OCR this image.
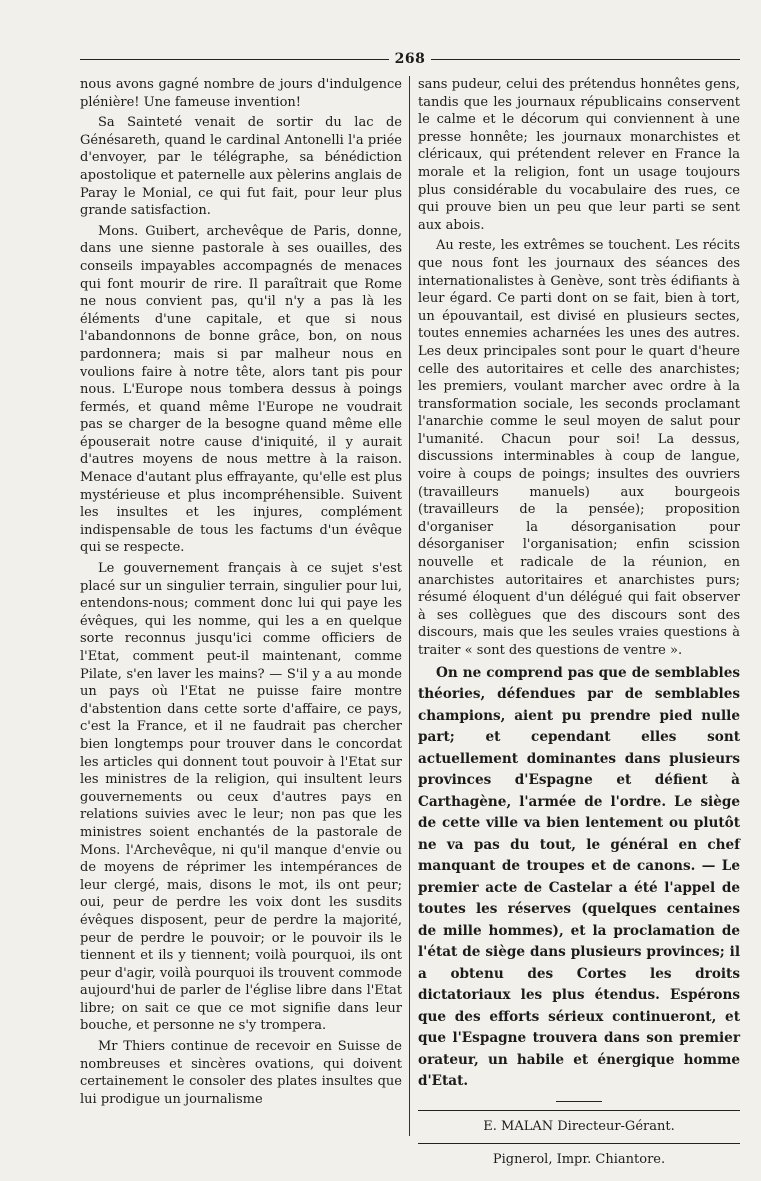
268

nous avons gagné nombre de jours d'indulgence plénière! Une fameuse invention!

Sa Sainteté venait de sortir du lac de Génésareth, quand le cardinal Antonelli l'a priée d'envoyer, par le télégraphe, sa bénédiction apostolique et paternelle aux pèlerins anglais de Paray le Monial, ce qui fut fait, pour leur plus grande satisfaction.

Mons. Guibert, archevêque de Paris, donne, dans une sienne pastorale à ses ouailles, des conseils impayables accompagnés de menaces qui font mourir de rire. Il paraîtrait que Rome ne nous convient pas, qu'il n'y a pas là les éléments d'une capitale, et que si nous l'abandonnons de bonne grâce, bon, on nous pardonnera; mais si par malheur nous en voulions faire à notre tête, alors tant pis pour nous. L'Europe nous tombera dessus à poings fermés, et quand même l'Europe ne voudrait pas se charger de la besogne quand même elle épouserait notre cause d'iniquité, il y aurait d'autres moyens de nous mettre à la raison. Menace d'autant plus effrayante, qu'elle est plus mystérieuse et plus incompréhensible. Suivent les insultes et les injures, complément indispensable de tous les factums d'un évêque qui se respecte.

Le gouvernement français à ce sujet s'est placé sur un singulier terrain, singulier pour lui, entendons-nous; comment donc lui qui paye les évêques, qui les nomme, qui les a en quelque sorte reconnus jusqu'ici comme officiers de l'Etat, comment peut-il maintenant, comme Pilate, s'en laver les mains? — S'il y a au monde un pays où l'Etat ne puisse faire montre d'abstention dans cette sorte d'affaire, ce pays, c'est la France, et il ne faudrait pas chercher bien longtemps pour trouver dans le concordat les articles qui donnent tout pouvoir à l'Etat sur les ministres de la religion, qui insultent leurs gouvernements ou ceux d'autres pays en relations suivies avec le leur; non pas que les ministres soient enchantés de la pastorale de Mons. l'Archevêque, ni qu'il manque d'envie ou de moyens de réprimer les intempérances de leur clergé, mais, disons le mot, ils ont peur; oui, peur de perdre les voix dont les susdits évêques disposent, peur de perdre la majorité, peur de perdre le pouvoir; or le pouvoir ils le tiennent et ils y tiennent; voilà pourquoi, ils ont peur d'agir, voilà pourquoi ils trouvent commode aujourd'hui de parler de l'église libre dans l'Etat libre; on sait ce que ce mot signifie dans leur bouche, et personne ne s'y trompera.

Mr Thiers continue de recevoir en Suisse de nombreuses et sincères ovations, qui doivent certainement le consoler des plates insultes que lui prodigue un journalisme

sans pudeur, celui des prétendus honnêtes gens, tandis que les journaux républicains conservent le calme et le décorum qui conviennent à une presse honnête; les journaux monarchistes et cléricaux, qui prétendent relever en France la morale et la religion, font un usage toujours plus considérable du vocabulaire des rues, ce qui prouve bien un peu que leur parti se sent aux abois.

Au reste, les extrêmes se touchent. Les récits que nous font les journaux des séances des internationalistes à Genève, sont très édifiants à leur égard. Ce parti dont on se fait, bien à tort, un épouvantail, est divisé en plusieurs sectes, toutes ennemies acharnées les unes des autres. Les deux principales sont pour le quart d'heure celle des autoritaires et celle des anarchistes; les premiers, voulant marcher avec ordre à la transformation sociale, les seconds proclamant l'anarchie comme le seul moyen de salut pour l'umanité. Chacun pour soi! La dessus, discussions interminables à coup de langue, voire à coups de poings; insultes des ouvriers (travailleurs manuels) aux bourgeois (travailleurs de la pensée); proposition d'organiser la désorganisation pour désorganiser l'organisation; enfin scission nouvelle et radicale de la réunion, en anarchistes autoritaires et anarchistes purs; résumé éloquent d'un délégué qui fait observer à ses collègues que des discours sont des discours, mais que les seules vraies questions à traiter « sont des questions de ventre ».

On ne comprend pas que de semblables théories, défendues par de semblables champions, aient pu prendre pied nulle part; et cependant elles sont actuellement dominantes dans plusieurs provinces d'Espagne et défient à Carthagène, l'armée de l'ordre. Le siège de cette ville va bien lentement ou plutôt ne va pas du tout, le général en chef manquant de troupes et de canons. — Le premier acte de Castelar a été l'appel de toutes les réserves (quelques centaines de mille hommes), et la proclamation de l'état de siège dans plusieurs provinces; il a obtenu des Cortes les droits dictatoriaux les plus étendus. Espérons que des efforts sérieux continueront, et que l'Espagne trouvera dans son premier orateur, un habile et énergique homme d'Etat.

E. MALAN Directeur-Gérant.
Pignerol, Impr. Chiantore.
